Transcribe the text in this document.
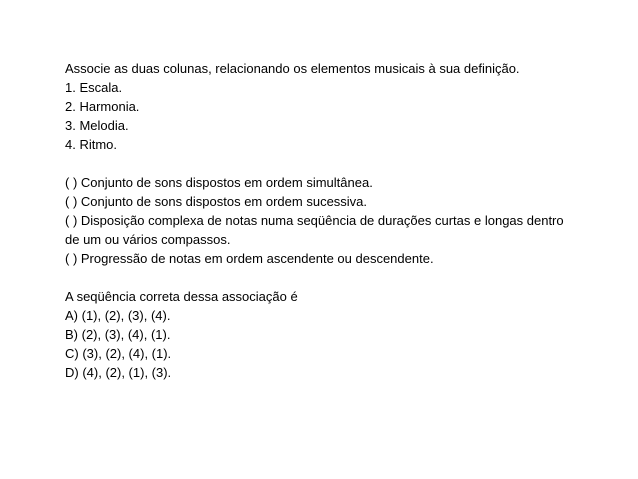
Associe as duas colunas, relacionando os elementos musicais à sua definição.
1. Escala.
2. Harmonia.
3. Melodia.
4. Ritmo.
( ) Conjunto de sons dispostos em ordem simultânea.
( ) Conjunto de sons dispostos em ordem sucessiva.
( ) Disposição complexa de notas numa seqüência de durações curtas e longas dentro de um ou vários compassos.
( ) Progressão de notas em ordem ascendente ou descendente.
A seqüência correta dessa associação é
A) (1), (2), (3), (4).
B) (2), (3), (4), (1).
C) (3), (2), (4), (1).
D) (4), (2), (1), (3).
